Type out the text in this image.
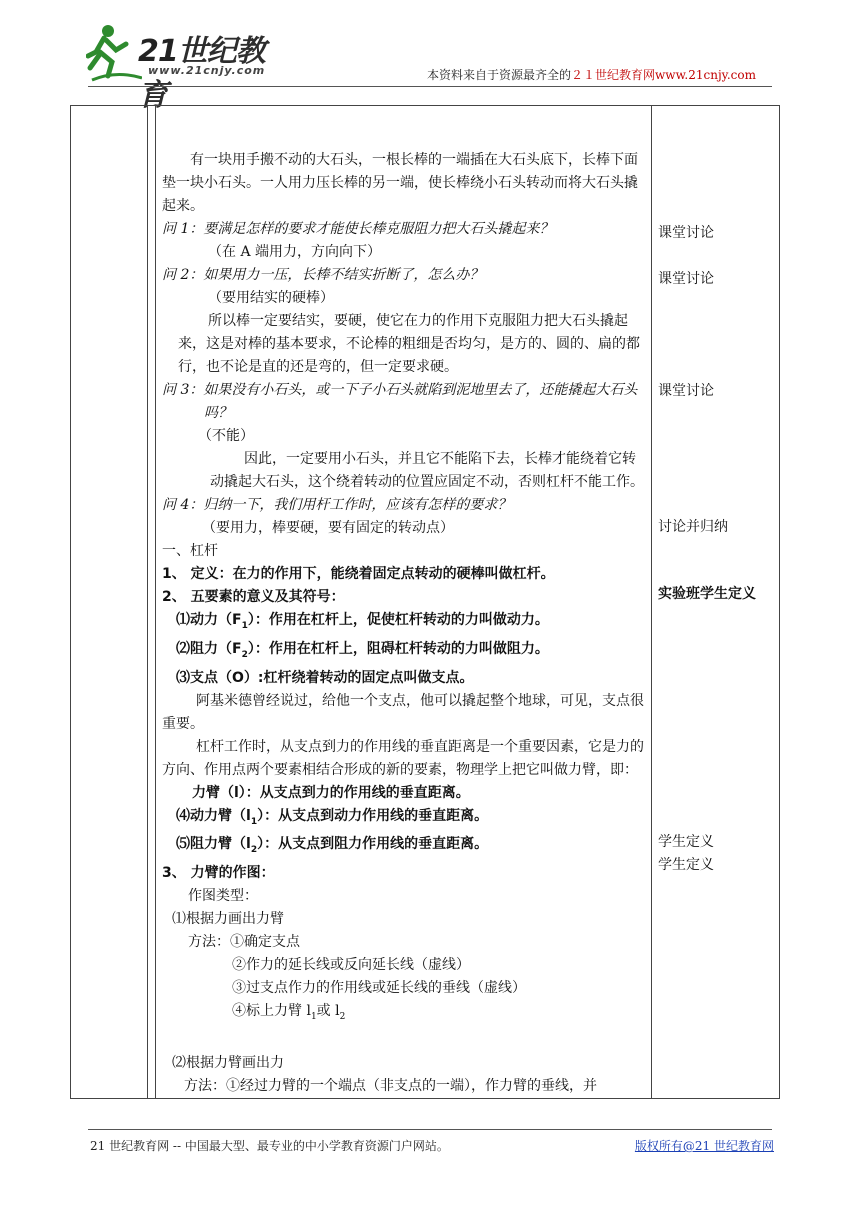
21世纪教育
www.21cnjy.com	本资料来自于资源最齐全的２１世纪教育网www.21cnjy.com

有一块用手搬不动的大石头，一根长棒的一端插在大石头底下，长棒下面垫一块小石头。一人用力压长棒的另一端，使长棒绕小石头转动而将大石头撬起来。

问 1：要满足怎样的要求才能使长棒克服阻力把大石头撬起来？

（在 A 端用力，方向向下）

问 2：如果用力一压，长棒不结实折断了，怎么办？

（要用结实的硬棒）

所以棒一定要结实，要硬，使它在力的作用下克服阻力把大石头撬起来，这是对棒的基本要求，不论棒的粗细是否均匀，是方的、圆的、扁的都行，也不论是直的还是弯的，但一定要求硬。

问 3：如果没有小石头，或一下子小石头就陷到泥地里去了，还能撬起大石头吗？

（不能）

因此，一定要用小石头，并且它不能陷下去，长棒才能绕着它转动撬起大石头，这个绕着转动的位置应固定不动，否则杠杆不能工作。

问 4：归纳一下，我们用杆工作时，应该有怎样的要求？

（要用力，棒要硬，要有固定的转动点）

一、杠杆

1、 定义：在力的作用下，能绕着固定点转动的硬棒叫做杠杆。

2、 五要素的意义及其符号：

⑴动力$(F_1)$：作用在杠杆上，促使杠杆转动的力叫做动力。

⑵阻力$(F_2)$：作用在杠杆上，阻碍杠杆转动的力叫做阻力。

⑶支点（O）:杠杆绕着转动的固定点叫做支点。

阿基米德曾经说过，给他一个支点，他可以撬起整个地球，可见，支点很重要。

杠杆工作时，从支点到力的作用线的垂直距离是一个重要因素，它是力的方向、作用点两个要素相结合形成的新的要素，物理学上把它叫做力臂，即：

力臂（l）：从支点到力的作用线的垂直距离。

⑷动力臂$(l_1)$：从支点到动力作用线的垂直距离。

⑸阻力臂$(l_2)$：从支点到阻力作用线的垂直距离。

3、 力臂的作图：

作图类型：

⑴根据力画出力臂

方法：①确定支点

②作力的延长线或反向延长线（虚线）

③过支点作力的作用线或延长线的垂线（虚线）

④标上力臂 $l_1$或 $l_2$

⑵根据力臂画出力

方法：①经过力臂的一个端点（非支点的一端），作力臂的垂线，并

课堂讨论
课堂讨论
课堂讨论
讨论并归纳
实验班学生定义
学生定义
学生定义
21 世纪教育网 -- 中国最大型、最专业的中小学教育资源门户网站。	版权所有@21 世纪教育网
